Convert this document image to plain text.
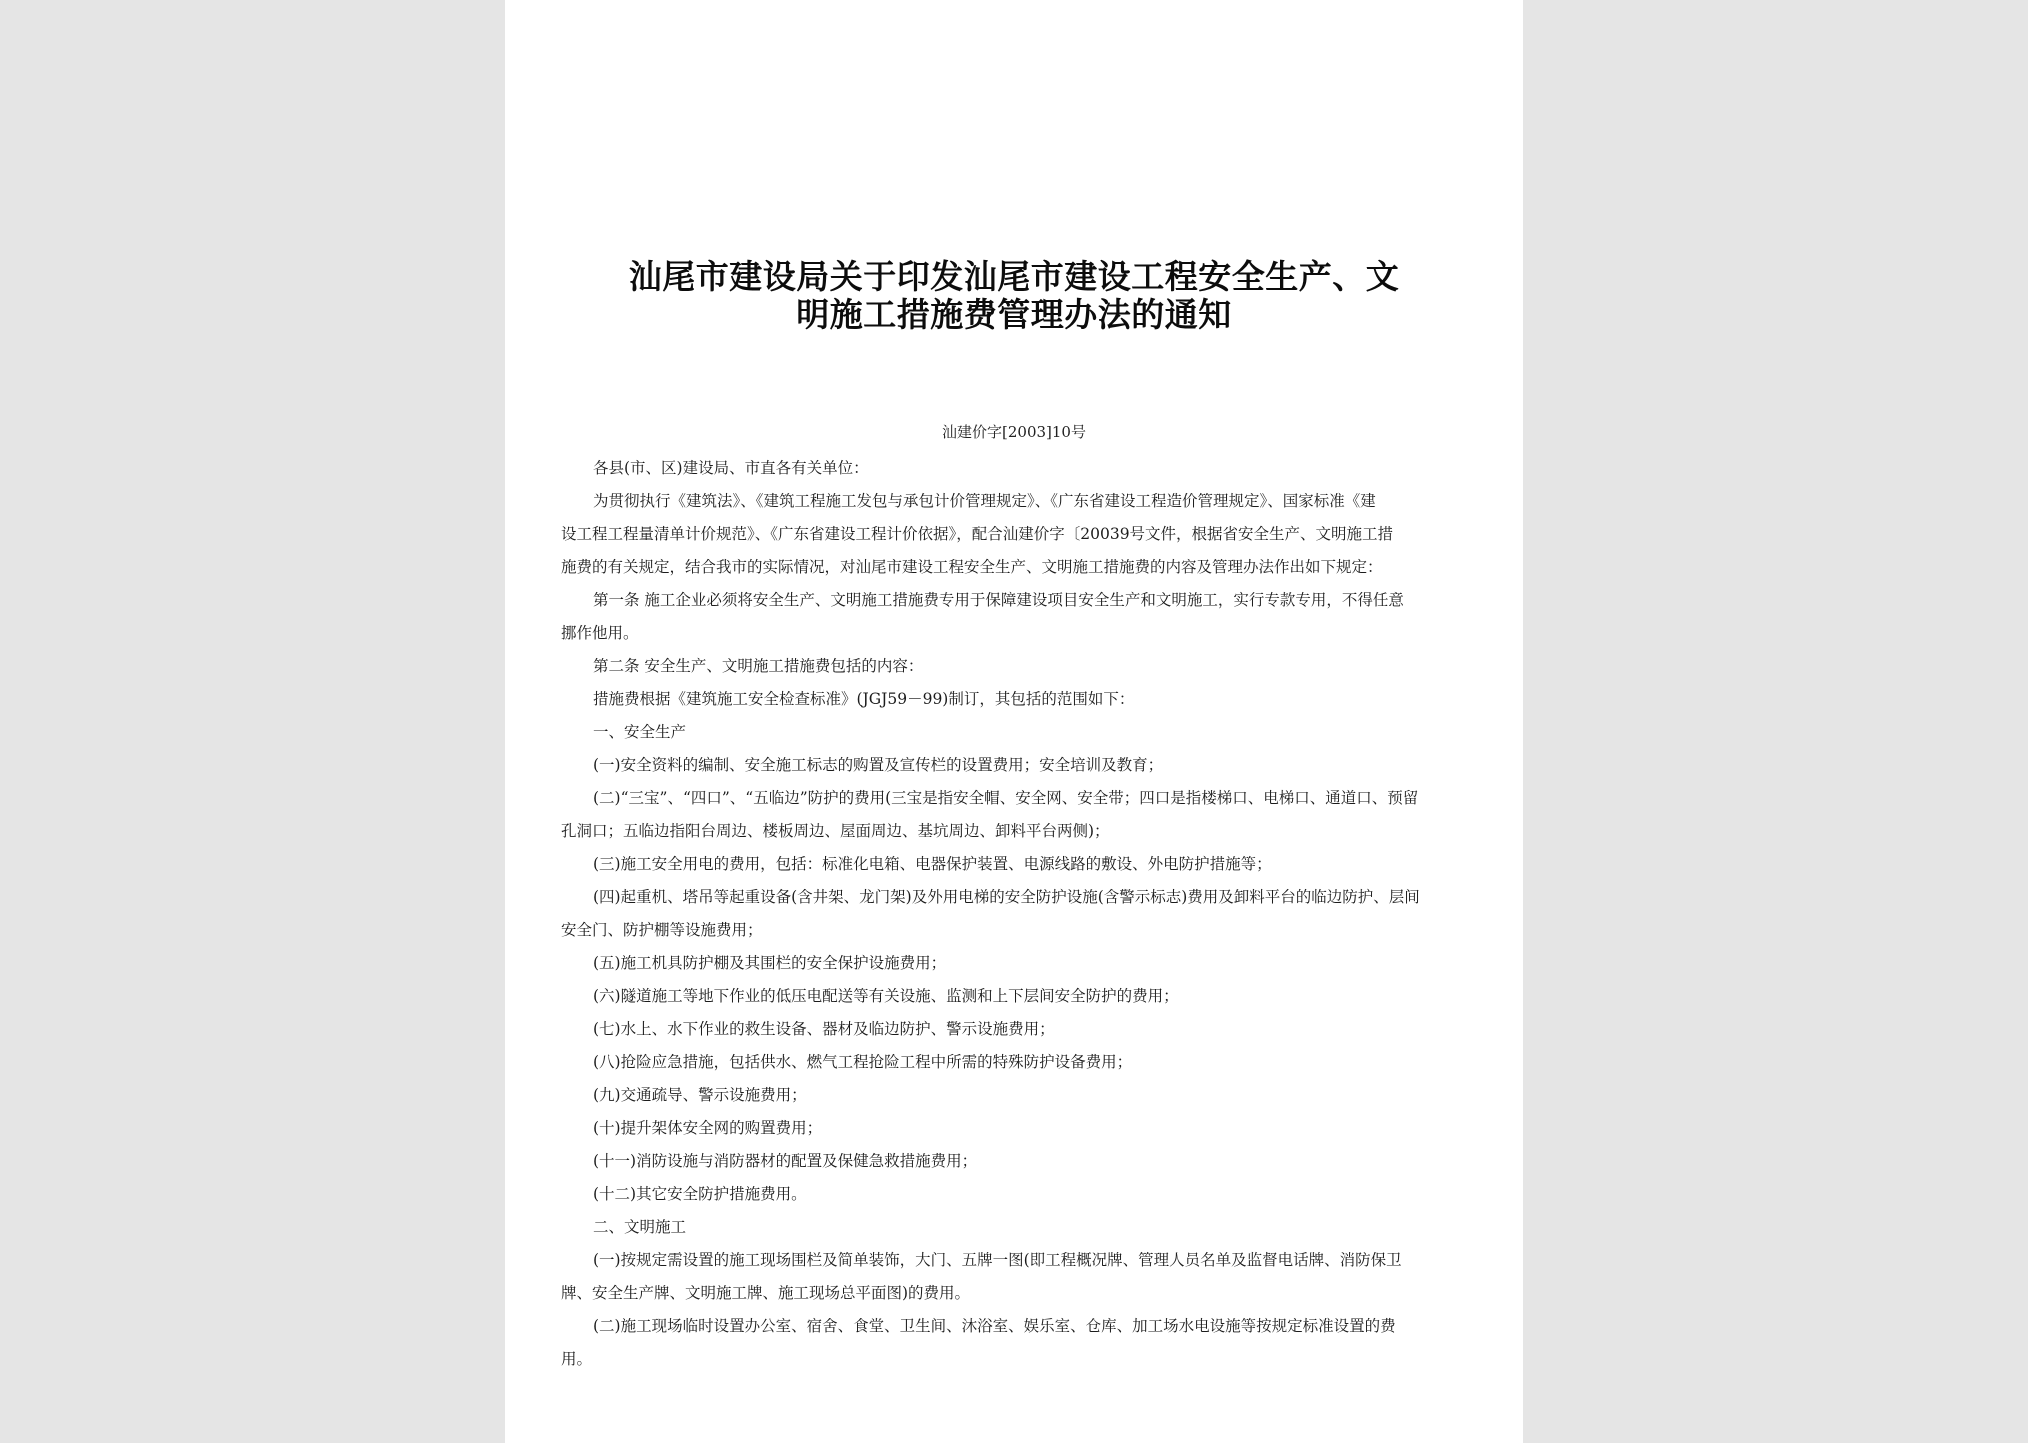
汕尾市建设局关于印发汕尾市建设工程安全生产、文
明施工措施费管理办法的通知
汕建价字[2003]10号
各县(市、区)建设局、市直各有关单位：
为贯彻执行《建筑法》、《建筑工程施工发包与承包计价管理规定》、《广东省建设工程造价管理规定》、国家标准《建
设工程工程量清单计价规范》、《广东省建设工程计价依据》，配合汕建价字〔20039号文件，根据省安全生产、文明施工措
施费的有关规定，结合我市的实际情况，对汕尾市建设工程安全生产、文明施工措施费的内容及管理办法作出如下规定：
第一条 施工企业必须将安全生产、文明施工措施费专用于保障建设项目安全生产和文明施工，实行专款专用，不得任意
挪作他用。
第二条 安全生产、文明施工措施费包括的内容：
措施费根据《建筑施工安全检查标准》(JGJ59－99)制订，其包括的范围如下：
一、安全生产
(一)安全资料的编制、安全施工标志的购置及宣传栏的设置费用；安全培训及教育；
(二)“三宝”、“四口”、“五临边”防护的费用(三宝是指安全帽、安全网、安全带；四口是指楼梯口、电梯口、通道口、预留
孔洞口；五临边指阳台周边、楼板周边、屋面周边、基坑周边、卸料平台两侧)；
(三)施工安全用电的费用，包括：标准化电箱、电器保护装置、电源线路的敷设、外电防护措施等；
(四)起重机、塔吊等起重设备(含井架、龙门架)及外用电梯的安全防护设施(含警示标志)费用及卸料平台的临边防护、层间
安全门、防护棚等设施费用；
(五)施工机具防护棚及其围栏的安全保护设施费用；
(六)隧道施工等地下作业的低压电配送等有关设施、监测和上下层间安全防护的费用；
(七)水上、水下作业的救生设备、器材及临边防护、警示设施费用；
(八)抢险应急措施，包括供水、燃气工程抢险工程中所需的特殊防护设备费用；
(九)交通疏导、警示设施费用；
(十)提升架体安全网的购置费用；
(十一)消防设施与消防器材的配置及保健急救措施费用；
(十二)其它安全防护措施费用。
二、文明施工
(一)按规定需设置的施工现场围栏及简单装饰，大门、五牌一图(即工程概况牌、管理人员名单及监督电话牌、消防保卫
牌、安全生产牌、文明施工牌、施工现场总平面图)的费用。
(二)施工现场临时设置办公室、宿舍、食堂、卫生间、沐浴室、娱乐室、仓库、加工场水电设施等按规定标准设置的费
用。
